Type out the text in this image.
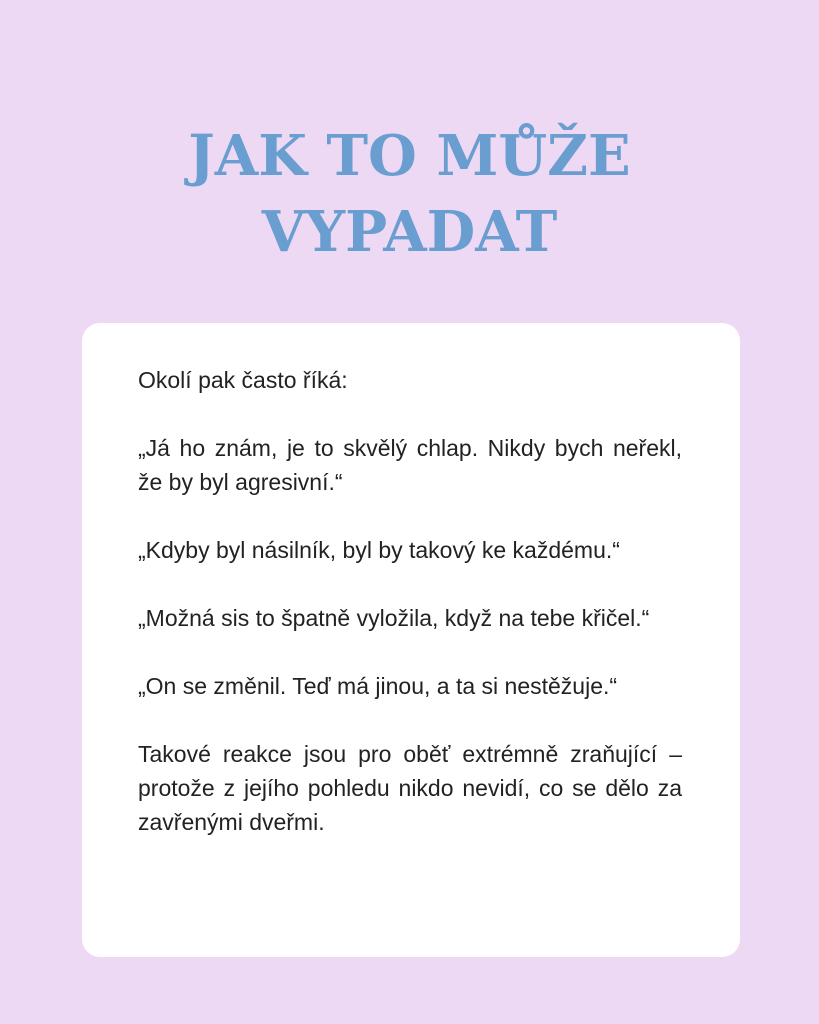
JAK TO MŮŽE
VYPADAT

Okolí pak často říká:

„Já ho znám, je to skvělý chlap. Nikdy bych neřekl, že by byl agresivní.“

„Kdyby byl násilník, byl by takový ke každému.“

„Možná sis to špatně vyložila, když na tebe křičel.“

„On se změnil. Teď má jinou, a ta si nestěžuje.“

Takové reakce jsou pro oběť extrémně zraňující – protože z jejího pohledu nikdo nevidí, co se dělo za zavřenými dveřmi.
